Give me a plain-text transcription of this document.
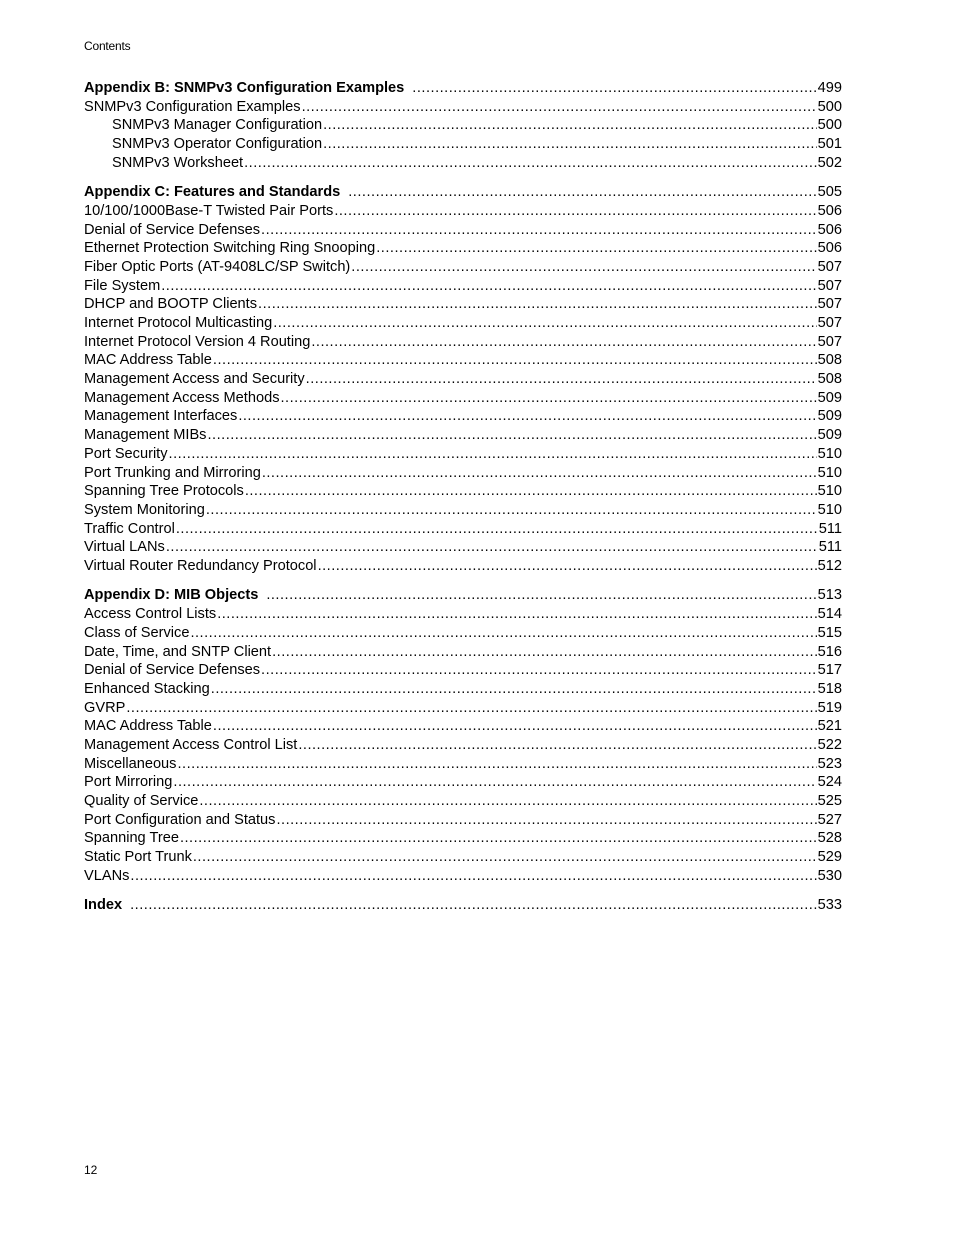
Contents
Appendix B: SNMPv3 Configuration Examples .....	499
SNMPv3 Configuration Examples .....	500
SNMPv3 Manager Configuration .....	500
SNMPv3 Operator Configuration .....	501
SNMPv3 Worksheet .....	502
Appendix C: Features and Standards .....	505
10/100/1000Base-T Twisted Pair Ports .....	506
Denial of Service Defenses .....	506
Ethernet Protection Switching Ring Snooping .....	506
Fiber Optic Ports (AT-9408LC/SP Switch) .....	507
File System .....	507
DHCP and BOOTP Clients .....	507
Internet Protocol Multicasting .....	507
Internet Protocol Version 4 Routing .....	507
MAC Address Table .....	508
Management Access and Security .....	508
Management Access Methods .....	509
Management Interfaces .....	509
Management MIBs .....	509
Port Security .....	510
Port Trunking and Mirroring .....	510
Spanning Tree Protocols .....	510
System Monitoring .....	510
Traffic Control .....	511
Virtual LANs .....	511
Virtual Router Redundancy Protocol .....	512
Appendix D: MIB Objects .....	513
Access Control Lists .....	514
Class of Service .....	515
Date, Time, and SNTP Client .....	516
Denial of Service Defenses .....	517
Enhanced Stacking .....	518
GVRP .....	519
MAC Address Table .....	521
Management Access Control List .....	522
Miscellaneous .....	523
Port Mirroring .....	524
Quality of Service .....	525
Port Configuration and Status .....	527
Spanning Tree .....	528
Static Port Trunk .....	529
VLANs .....	530
Index .....	533
12
